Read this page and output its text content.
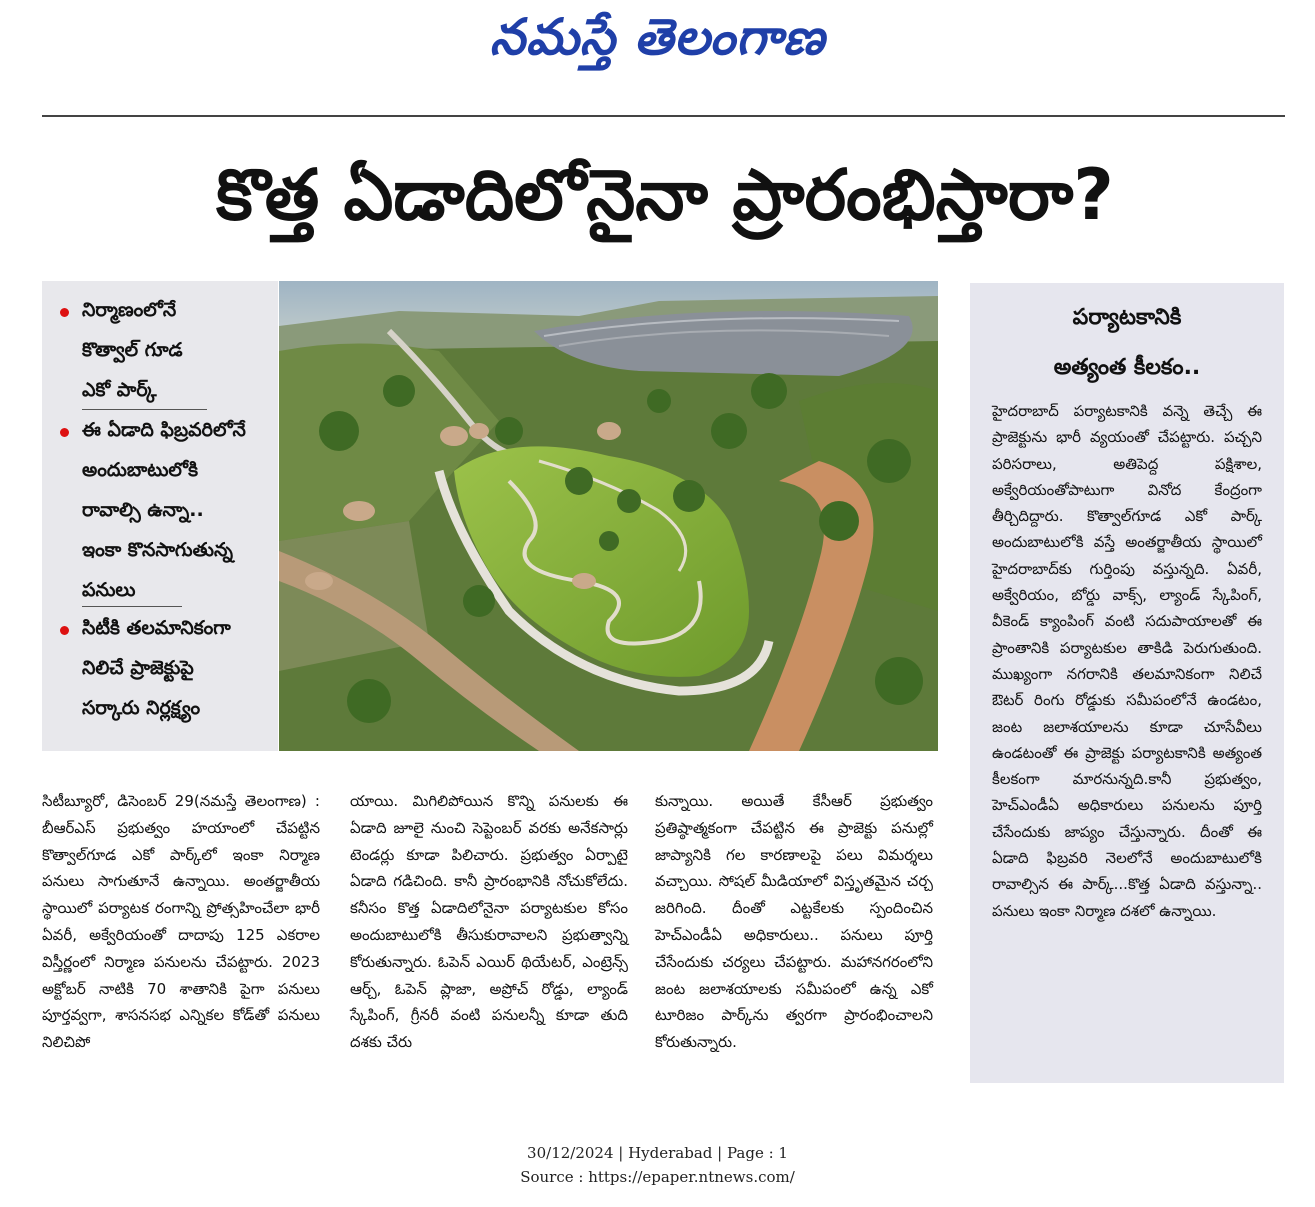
నమస్తే తెలంగాణ
కొత్త ఏడాదిలోనైనా ప్రారంభిస్తారా?
నిర్మాణంలోనే
కొత్వాల్‌ గూడ
ఎకో పార్క్‌
ఈ ఏడాది ఫిబ్రవరిలోనే
అందుబాటులోకి
రావాల్సి ఉన్నా..
ఇంకా కొనసాగుతున్న
పనులు
సిటీకి తలమానికంగా
నిలిచే ప్రాజెక్టుపై
సర్కారు నిర్లక్ష్యం
పర్యాటకానికి
అత్యంత కీలకం..
హైదరాబాద్‌ పర్యాటకానికి వన్నె తెచ్చే ఈ ప్రాజెక్టును భారీ వ్యయంతో చేపట్టారు. పచ్చని పరిసరాలు, అతిపెద్ద పక్షిశాల, అక్వేరియంతోపాటుగా వినోద కేంద్రంగా తీర్చిదిద్దారు. కొత్వాల్‌గూడ ఎకో పార్క్‌ అందుబాటులోకి వస్తే అంతర్జాతీయ స్థాయిలో హైదరాబాద్‌కు గుర్తింపు వస్తున్నది. ఏవరీ, అక్వేరియం, బోర్డు వాక్స్‌, ల్యాండ్‌ స్కేపింగ్‌, వీకెండ్‌ క్యాంపింగ్‌ వంటి సదుపాయాలతో ఈ ప్రాంతానికి పర్యాటకుల తాకిడి పెరుగుతుంది. ముఖ్యంగా నగరానికి తలమానికంగా నిలిచే ఔటర్‌ రింగు రోడ్డుకు సమీపంలోనే ఉండటం, జంట జలాశయాలను కూడా చూసేవీలు ఉండటంతో ఈ ప్రాజెక్టు పర్యాటకానికి అత్యంత కీలకంగా మారనున్నది.కానీ ప్రభుత్వం, హెచ్‌ఎండీఏ అధికారులు పనులను పూర్తి చేసేందుకు జాప్యం చేస్తున్నారు. దీంతో ఈ ఏడాది ఫిబ్రవరి నెలలోనే అందుబాటులోకి రావాల్సిన ఈ పార్క్‌...కొత్త ఏడాది వస్తున్నా.. పనులు ఇంకా నిర్మాణ దశలో ఉన్నాయి.
సిటీబ్యూరో, డిసెంబర్‌ 29(నమస్తే తెలంగాణ) : బీఆర్‌ఎస్‌ ప్రభుత్వం హయాంలో చేపట్టిన కొత్వాల్‌గూడ ఎకో పార్క్‌లో ఇంకా నిర్మాణ పనులు సాగుతూనే ఉన్నాయి. అంతర్జాతీయ స్థాయిలో పర్యాటక రంగాన్ని ప్రోత్సహించేలా భారీ ఏవరీ, అక్వేరియంతో దాదాపు 125 ఎకరాల విస్తీర్ణంలో నిర్మాణ పనులను చేపట్టారు. 2023 అక్టోబర్‌ నాటికి 70 శాతానికి పైగా పనులు పూర్తవ్వగా, శాసనసభ ఎన్నికల కోడ్‌తో పనులు నిలిచిపో
యాయి. మిగిలిపోయిన కొన్ని పనులకు ఈ ఏడాది జూలై నుంచి సెప్టెంబర్‌ వరకు అనేకసార్లు టెండర్లు కూడా పిలిచారు. ప్రభుత్వం ఏర్పాటై ఏడాది గడిచింది. కానీ ప్రారంభానికి నోచుకోలేదు. కనీసం కొత్త ఏడాదిలోనైనా పర్యాటకుల కోసం అందుబాటులోకి తీసుకురావాలని ప్రభుత్వాన్ని కోరుతున్నారు. ఓపెన్‌ ఎయిర్‌ థియేటర్‌, ఎంట్రెన్స్‌ ఆర్చ్‌, ఓపెన్‌ ప్లాజా, అప్రోచ్‌ రోడ్డు, ల్యాండ్‌ స్కేపింగ్‌, గ్రీనరీ వంటి పనులన్నీ కూడా తుది దశకు చేరు
కున్నాయి. అయితే కేసీఆర్‌ ప్రభుత్వం ప్రతిష్ఠాత్మకంగా చేపట్టిన ఈ ప్రాజెక్టు పనుల్లో జాప్యానికి గల కారణాలపై పలు విమర్శలు వచ్చాయి. సోషల్‌ మీడియాలో విస్తృతమైన చర్చ జరిగింది. దీంతో ఎట్టకేలకు స్పందించిన హెచ్‌ఎండీఏ అధికారులు.. పనులు పూర్తి చేసేందుకు చర్యలు చేపట్టారు. మహానగరంలోని జంట జలాశయాలకు సమీపంలో ఉన్న ఎకో టూరిజం పార్క్‌ను త్వరగా ప్రారంభించాలని కోరుతున్నారు.
30/12/2024 | Hyderabad | Page : 1
Source : https://epaper.ntnews.com/
